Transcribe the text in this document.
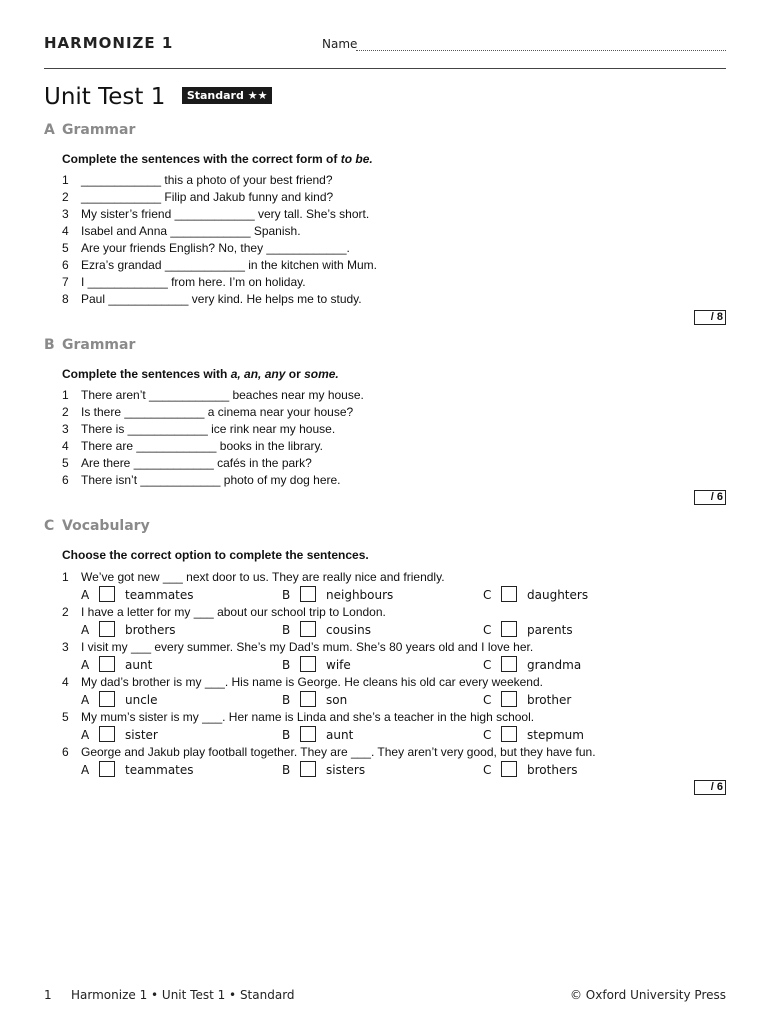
HARMONIZE 1	Name
Unit Test 1 Standard ★★
A Grammar
Complete the sentences with the correct form of to be.
1 ____________ this a photo of your best friend?
2 ____________ Filip and Jakub funny and kind?
3 My sister’s friend ____________ very tall. She’s short.
4 Isabel and Anna ____________ Spanish.
5 Are your friends English? No, they ____________.
6 Ezra’s grandad ____________ in the kitchen with Mum.
7 I ____________ from here. I’m on holiday.
8 Paul ____________ very kind. He helps me to study.
/ 8
B Grammar
Complete the sentences with a, an, any or some.
1 There aren’t ____________ beaches near my house.
2 Is there ____________ a cinema near your house?
3 There is ____________ ice rink near my house.
4 There are ____________ books in the library.
5 Are there ____________ cafés in the park?
6 There isn’t ____________ photo of my dog here.
/ 6
C Vocabulary
Choose the correct option to complete the sentences.
1 We’ve got new ___ next door to us. They are really nice and friendly.
A	teammates	B	neighbours	C	daughters
2 I have a letter for my ___ about our school trip to London.
A	brothers	B	cousins	C	parents
3 I visit my ___ every summer. She’s my Dad’s mum. She’s 80 years old and I love her.
A	aunt	B	wife	C	grandma
4 My dad’s brother is my ___. His name is George. He cleans his old car every weekend.
A	uncle	B	son	C	brother
5 My mum’s sister is my ___. Her name is Linda and she’s a teacher in the high school.
A	sister	B	aunt	C	stepmum
6 George and Jakub play football together. They are ___. They aren’t very good, but they have fun.
A	teammates	B	sisters	C	brothers
/ 6
1 Harmonize 1 • Unit Test 1 • Standard	© Oxford University Press
